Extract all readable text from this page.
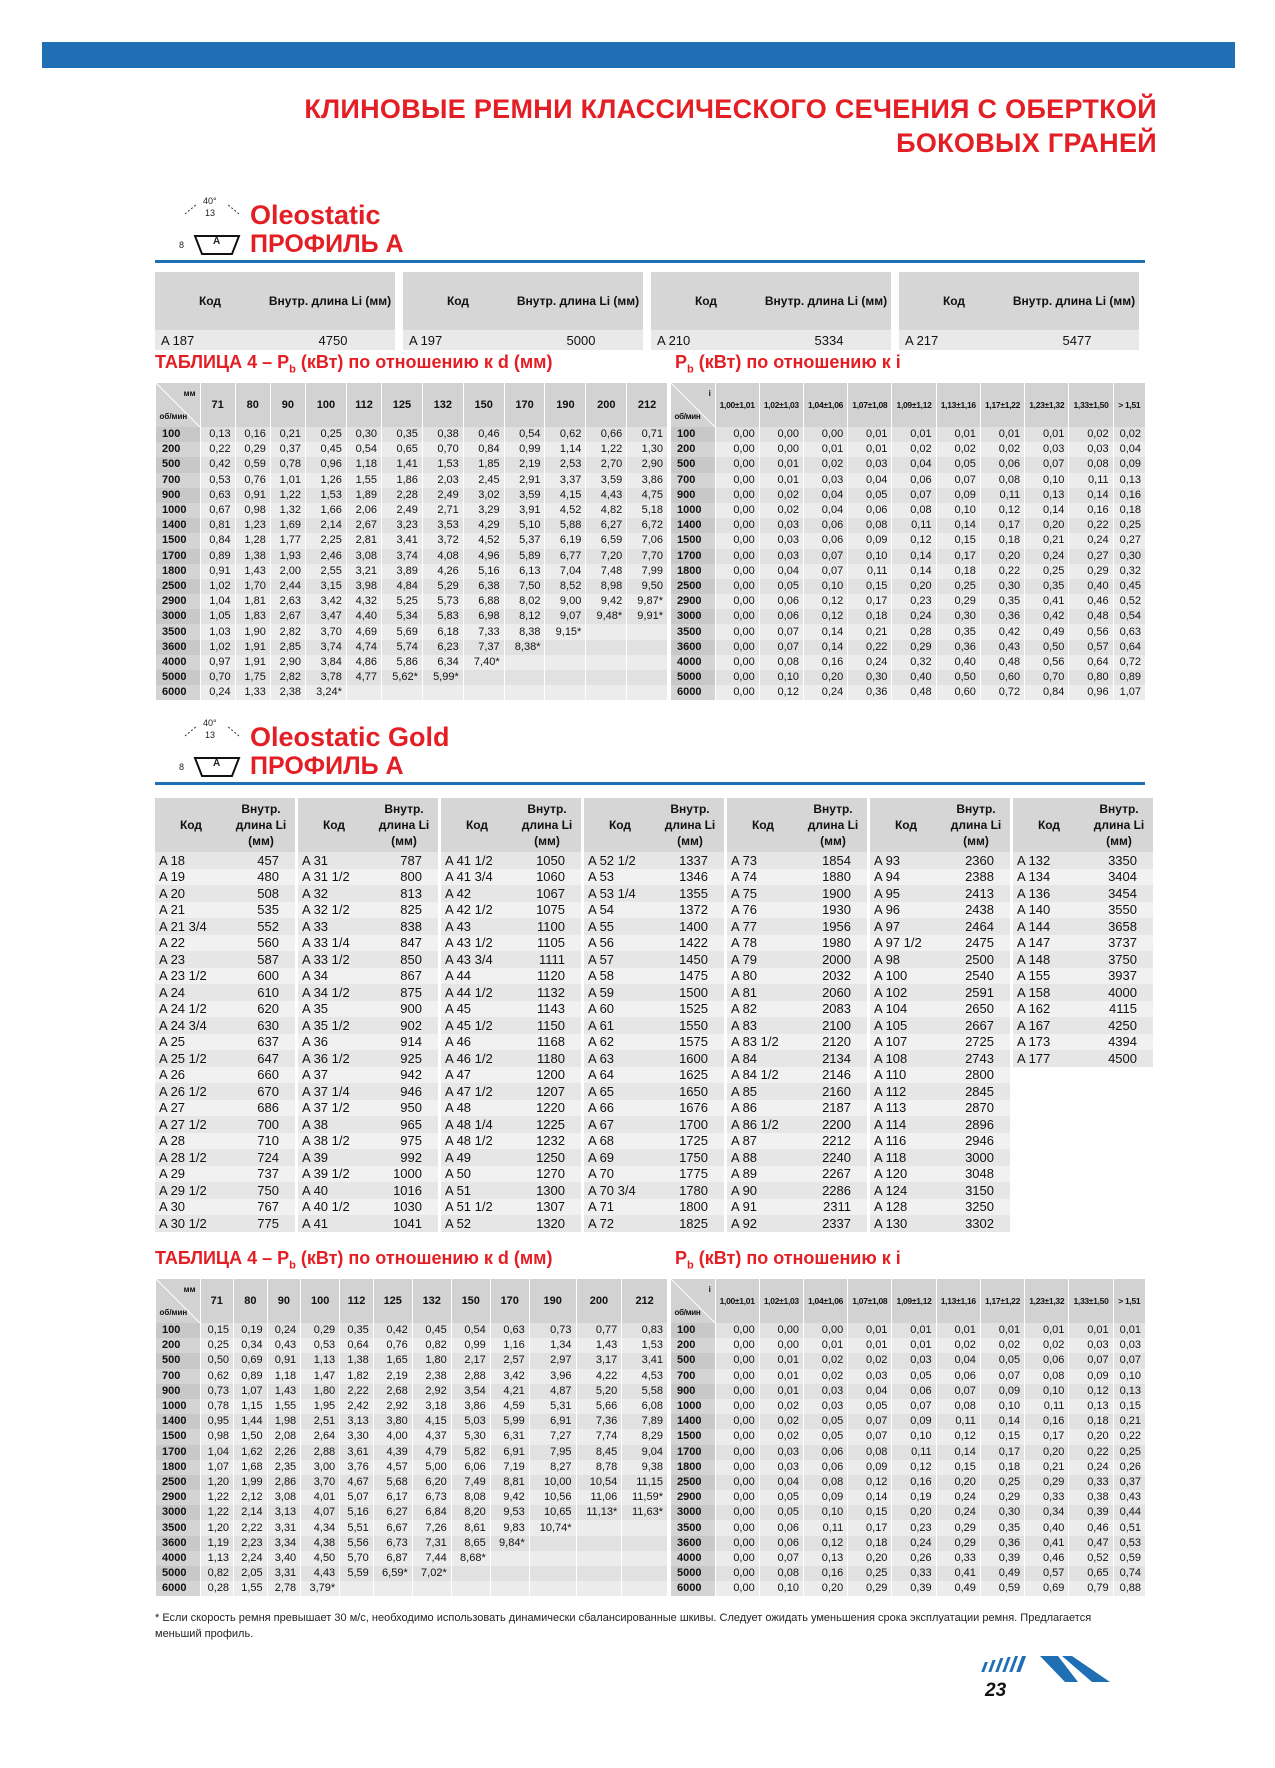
КЛИНОВЫЕ РЕМНИ КЛАССИЧЕСКОГО СЕЧЕНИЯ С ОБЕРТКОЙ
БОКОВЫХ ГРАНЕЙ
40°
13
8	A
Oleostatic
ПРОФИЛЬ А
Код	Внутр. длина Li (мм)
A 187	4750
Код	Внутр. длина Li (мм)
A 197	5000
Код	Внутр. длина Li (мм)
A 210	5334
Код	Внутр. длина Li (мм)
A 217	5477
ТАБЛИЦА $4 - P_b$ (кВт) по отношению к d (мм)	$P_b$ (кВт) по отношению к i
мм
об/мин	71	80	90	100	112	125	132	150	170	190	200	212
100	0,13	0,16	0,21	0,25	0,30	0,35	0,38	0,46	0,54	0,62	0,66	0,71
200	0,22	0,29	0,37	0,45	0,54	0,65	0,70	0,84	0,99	1,14	1,22	1,30
500	0,42	0,59	0,78	0,96	1,18	1,41	1,53	1,85	2,19	2,53	2,70	2,90
700	0,53	0,76	1,01	1,26	1,55	1,86	2,03	2,45	2,91	3,37	3,59	3,86
900	0,63	0,91	1,22	1,53	1,89	2,28	2,49	3,02	3,59	4,15	4,43	4,75
1000	0,67	0,98	1,32	1,66	2,06	2,49	2,71	3,29	3,91	4,52	4,82	5,18
1400	0,81	1,23	1,69	2,14	2,67	3,23	3,53	4,29	5,10	5,88	6,27	6,72
1500	0,84	1,28	1,77	2,25	2,81	3,41	3,72	4,52	5,37	6,19	6,59	7,06
1700	0,89	1,38	1,93	2,46	3,08	3,74	4,08	4,96	5,89	6,77	7,20	7,70
1800	0,91	1,43	2,00	2,55	3,21	3,89	4,26	5,16	6,13	7,04	7,48	7,99
2500	1,02	1,70	2,44	3,15	3,98	4,84	5,29	6,38	7,50	8,52	8,98	9,50
2900	1,04	1,81	2,63	3,42	4,32	5,25	5,73	6,88	8,02	9,00	9,42	9,87*
3000	1,05	1,83	2,67	3,47	4,40	5,34	5,83	6,98	8,12	9,07	9,48*	9,91*
3500	1,03	1,90	2,82	3,70	4,69	5,69	6,18	7,33	8,38	9,15*		
3600	1,02	1,91	2,85	3,74	4,74	5,74	6,23	7,37	8,38*			
4000	0,97	1,91	2,90	3,84	4,86	5,86	6,34	7,40*				
5000	0,70	1,75	2,82	3,78	4,77	5,62*	5,99*					
6000	0,24	1,33	2,38	3,24*								
i
об/мин	1,00±1,01	1,02±1,03	1,04±1,06	1,07±1,08	1,09±1,12	1,13±1,16	1,17±1,22	1,23±1,32	1,33±1,50	> 1,51
100	0,00	0,00	0,00	0,01	0,01	0,01	0,01	0,01	0,02	0,02
200	0,00	0,00	0,01	0,01	0,02	0,02	0,02	0,03	0,03	0,04
500	0,00	0,01	0,02	0,03	0,04	0,05	0,06	0,07	0,08	0,09
700	0,00	0,01	0,03	0,04	0,06	0,07	0,08	0,10	0,11	0,13
900	0,00	0,02	0,04	0,05	0,07	0,09	0,11	0,13	0,14	0,16
1000	0,00	0,02	0,04	0,06	0,08	0,10	0,12	0,14	0,16	0,18
1400	0,00	0,03	0,06	0,08	0,11	0,14	0,17	0,20	0,22	0,25
1500	0,00	0,03	0,06	0,09	0,12	0,15	0,18	0,21	0,24	0,27
1700	0,00	0,03	0,07	0,10	0,14	0,17	0,20	0,24	0,27	0,30
1800	0,00	0,04	0,07	0,11	0,14	0,18	0,22	0,25	0,29	0,32
2500	0,00	0,05	0,10	0,15	0,20	0,25	0,30	0,35	0,40	0,45
2900	0,00	0,06	0,12	0,17	0,23	0,29	0,35	0,41	0,46	0,52
3000	0,00	0,06	0,12	0,18	0,24	0,30	0,36	0,42	0,48	0,54
3500	0,00	0,07	0,14	0,21	0,28	0,35	0,42	0,49	0,56	0,63
3600	0,00	0,07	0,14	0,22	0,29	0,36	0,43	0,50	0,57	0,64
4000	0,00	0,08	0,16	0,24	0,32	0,40	0,48	0,56	0,64	0,72
5000	0,00	0,10	0,20	0,30	0,40	0,50	0,60	0,70	0,80	0,89
6000	0,00	0,12	0,24	0,36	0,48	0,60	0,72	0,84	0,96	1,07
40°
13
8	A
Oleostatic Gold
ПРОФИЛЬ А
Код
Внутр. длина Li (мм)
A 18	457
A 19	480
A 20	508
A 21	535
A 21 3/4	552
A 22	560
A 23	587
A 23 1/2	600
A 24	610
A 24 1/2	620
A 24 3/4	630
A 25	637
A 25 1/2	647
A 26	660
A 26 1/2	670
A 27	686
A 27 1/2	700
A 28	710
A 28 1/2	724
A 29	737
A 29 1/2	750
A 30	767
A 30 1/2	775
Код
Внутр. длина Li (мм)
A 31	787
A 31 1/2	800
A 32	813
A 32 1/2	825
A 33	838
A 33 1/4	847
A 33 1/2	850
A 34	867
A 34 1/2	875
A 35	900
A 35 1/2	902
A 36	914
A 36 1/2	925
A 37	942
A 37 1/4	946
A 37 1/2	950
A 38	965
A 38 1/2	975
A 39	992
A 39 1/2	1000
A 40	1016
A 40 1/2	1030
A 41	1041
Код
Внутр. длина Li (мм)
A 41 1/2	1050
A 41 3/4	1060
A 42	1067
A 42 1/2	1075
A 43	1100
A 43 1/2	1105
A 43 3/4	1111
A 44	1120
A 44 1/2	1132
A 45	1143
A 45 1/2	1150
A 46	1168
A 46 1/2	1180
A 47	1200
A 47 1/2	1207
A 48	1220
A 48 1/4	1225
A 48 1/2	1232
A 49	1250
A 50	1270
A 51	1300
A 51 1/2	1307
A 52	1320
Код
Внутр. длина Li (мм)
A 52 1/2	1337
A 53	1346
A 53 1/4	1355
A 54	1372
A 55	1400
A 56	1422
A 57	1450
A 58	1475
A 59	1500
A 60	1525
A 61	1550
A 62	1575
A 63	1600
A 64	1625
A 65	1650
A 66	1676
A 67	1700
A 68	1725
A 69	1750
A 70	1775
A 70 3/4	1780
A 71	1800
A 72	1825
Код
Внутр. длина Li (мм)
A 73	1854
A 74	1880
A 75	1900
A 76	1930
A 77	1956
A 78	1980
A 79	2000
A 80	2032
A 81	2060
A 82	2083
A 83	2100
A 83 1/2	2120
A 84	2134
A 84 1/2	2146
A 85	2160
A 86	2187
A 86 1/2	2200
A 87	2212
A 88	2240
A 89	2267
A 90	2286
A 91	2311
A 92	2337
Код
Внутр. длина Li (мм)
A 93	2360
A 94	2388
A 95	2413
A 96	2438
A 97	2464
A 97 1/2	2475
A 98	2500
A 100	2540
A 102	2591
A 104	2650
A 105	2667
A 107	2725
A 108	2743
A 110	2800
A 112	2845
A 113	2870
A 114	2896
A 116	2946
A 118	3000
A 120	3048
A 124	3150
A 128	3250
A 130	3302
Код
Внутр. длина Li (мм)
A 132	3350
A 134	3404
A 136	3454
A 140	3550
A 144	3658
A 147	3737
A 148	3750
A 155	3937
A 158	4000
A 162	4115
A 167	4250
A 173	4394
A 177	4500
ТАБЛИЦА $4 - P_b$ (кВт) по отношению к d (мм)	$P_b$ (кВт) по отношению к i
мм
об/мин	71	80	90	100	112	125	132	150	170	190	200	212
100	0,15	0,19	0,24	0,29	0,35	0,42	0,45	0,54	0,63	0,73	0,77	0,83
200	0,25	0,34	0,43	0,53	0,64	0,76	0,82	0,99	1,16	1,34	1,43	1,53
500	0,50	0,69	0,91	1,13	1,38	1,65	1,80	2,17	2,57	2,97	3,17	3,41
700	0,62	0,89	1,18	1,47	1,82	2,19	2,38	2,88	3,42	3,96	4,22	4,53
900	0,73	1,07	1,43	1,80	2,22	2,68	2,92	3,54	4,21	4,87	5,20	5,58
1000	0,78	1,15	1,55	1,95	2,42	2,92	3,18	3,86	4,59	5,31	5,66	6,08
1400	0,95	1,44	1,98	2,51	3,13	3,80	4,15	5,03	5,99	6,91	7,36	7,89
1500	0,98	1,50	2,08	2,64	3,30	4,00	4,37	5,30	6,31	7,27	7,74	8,29
1700	1,04	1,62	2,26	2,88	3,61	4,39	4,79	5,82	6,91	7,95	8,45	9,04
1800	1,07	1,68	2,35	3,00	3,76	4,57	5,00	6,06	7,19	8,27	8,78	9,38
2500	1,20	1,99	2,86	3,70	4,67	5,68	6,20	7,49	8,81	10,00	10,54	11,15
2900	1,22	2,12	3,08	4,01	5,07	6,17	6,73	8,08	9,42	10,56	11,06	11,59*
3000	1,22	2,14	3,13	4,07	5,16	6,27	6,84	8,20	9,53	10,65	11,13*	11,63*
3500	1,20	2,22	3,31	4,34	5,51	6,67	7,26	8,61	9,83	10,74*		
3600	1,19	2,23	3,34	4,38	5,56	6,73	7,31	8,65	9,84*			
4000	1,13	2,24	3,40	4,50	5,70	6,87	7,44	8,68*				
5000	0,82	2,05	3,31	4,43	5,59	6,59*	7,02*					
6000	0,28	1,55	2,78	3,79*								
i
об/мин	1,00±1,01	1,02±1,03	1,04±1,06	1,07±1,08	1,09±1,12	1,13±1,16	1,17±1,22	1,23±1,32	1,33±1,50	> 1,51
100	0,00	0,00	0,00	0,01	0,01	0,01	0,01	0,01	0,01	0,01
200	0,00	0,00	0,01	0,01	0,01	0,02	0,02	0,02	0,03	0,03
500	0,00	0,01	0,02	0,02	0,03	0,04	0,05	0,06	0,07	0,07
700	0,00	0,01	0,02	0,03	0,05	0,06	0,07	0,08	0,09	0,10
900	0,00	0,01	0,03	0,04	0,06	0,07	0,09	0,10	0,12	0,13
1000	0,00	0,02	0,03	0,05	0,07	0,08	0,10	0,11	0,13	0,15
1400	0,00	0,02	0,05	0,07	0,09	0,11	0,14	0,16	0,18	0,21
1500	0,00	0,02	0,05	0,07	0,10	0,12	0,15	0,17	0,20	0,22
1700	0,00	0,03	0,06	0,08	0,11	0,14	0,17	0,20	0,22	0,25
1800	0,00	0,03	0,06	0,09	0,12	0,15	0,18	0,21	0,24	0,26
2500	0,00	0,04	0,08	0,12	0,16	0,20	0,25	0,29	0,33	0,37
2900	0,00	0,05	0,09	0,14	0,19	0,24	0,29	0,33	0,38	0,43
3000	0,00	0,05	0,10	0,15	0,20	0,24	0,30	0,34	0,39	0,44
3500	0,00	0,06	0,11	0,17	0,23	0,29	0,35	0,40	0,46	0,51
3600	0,00	0,06	0,12	0,18	0,24	0,29	0,36	0,41	0,47	0,53
4000	0,00	0,07	0,13	0,20	0,26	0,33	0,39	0,46	0,52	0,59
5000	0,00	0,08	0,16	0,25	0,33	0,41	0,49	0,57	0,65	0,74
6000	0,00	0,10	0,20	0,29	0,39	0,49	0,59	0,69	0,79	0,88
* Если скорость ремня превышает 30 м/с, необходимо использовать динамически сбалансированные шкивы. Следует ожидать уменьшения срока эксплуатации ремня. Предлагается меньший профиль.
23
